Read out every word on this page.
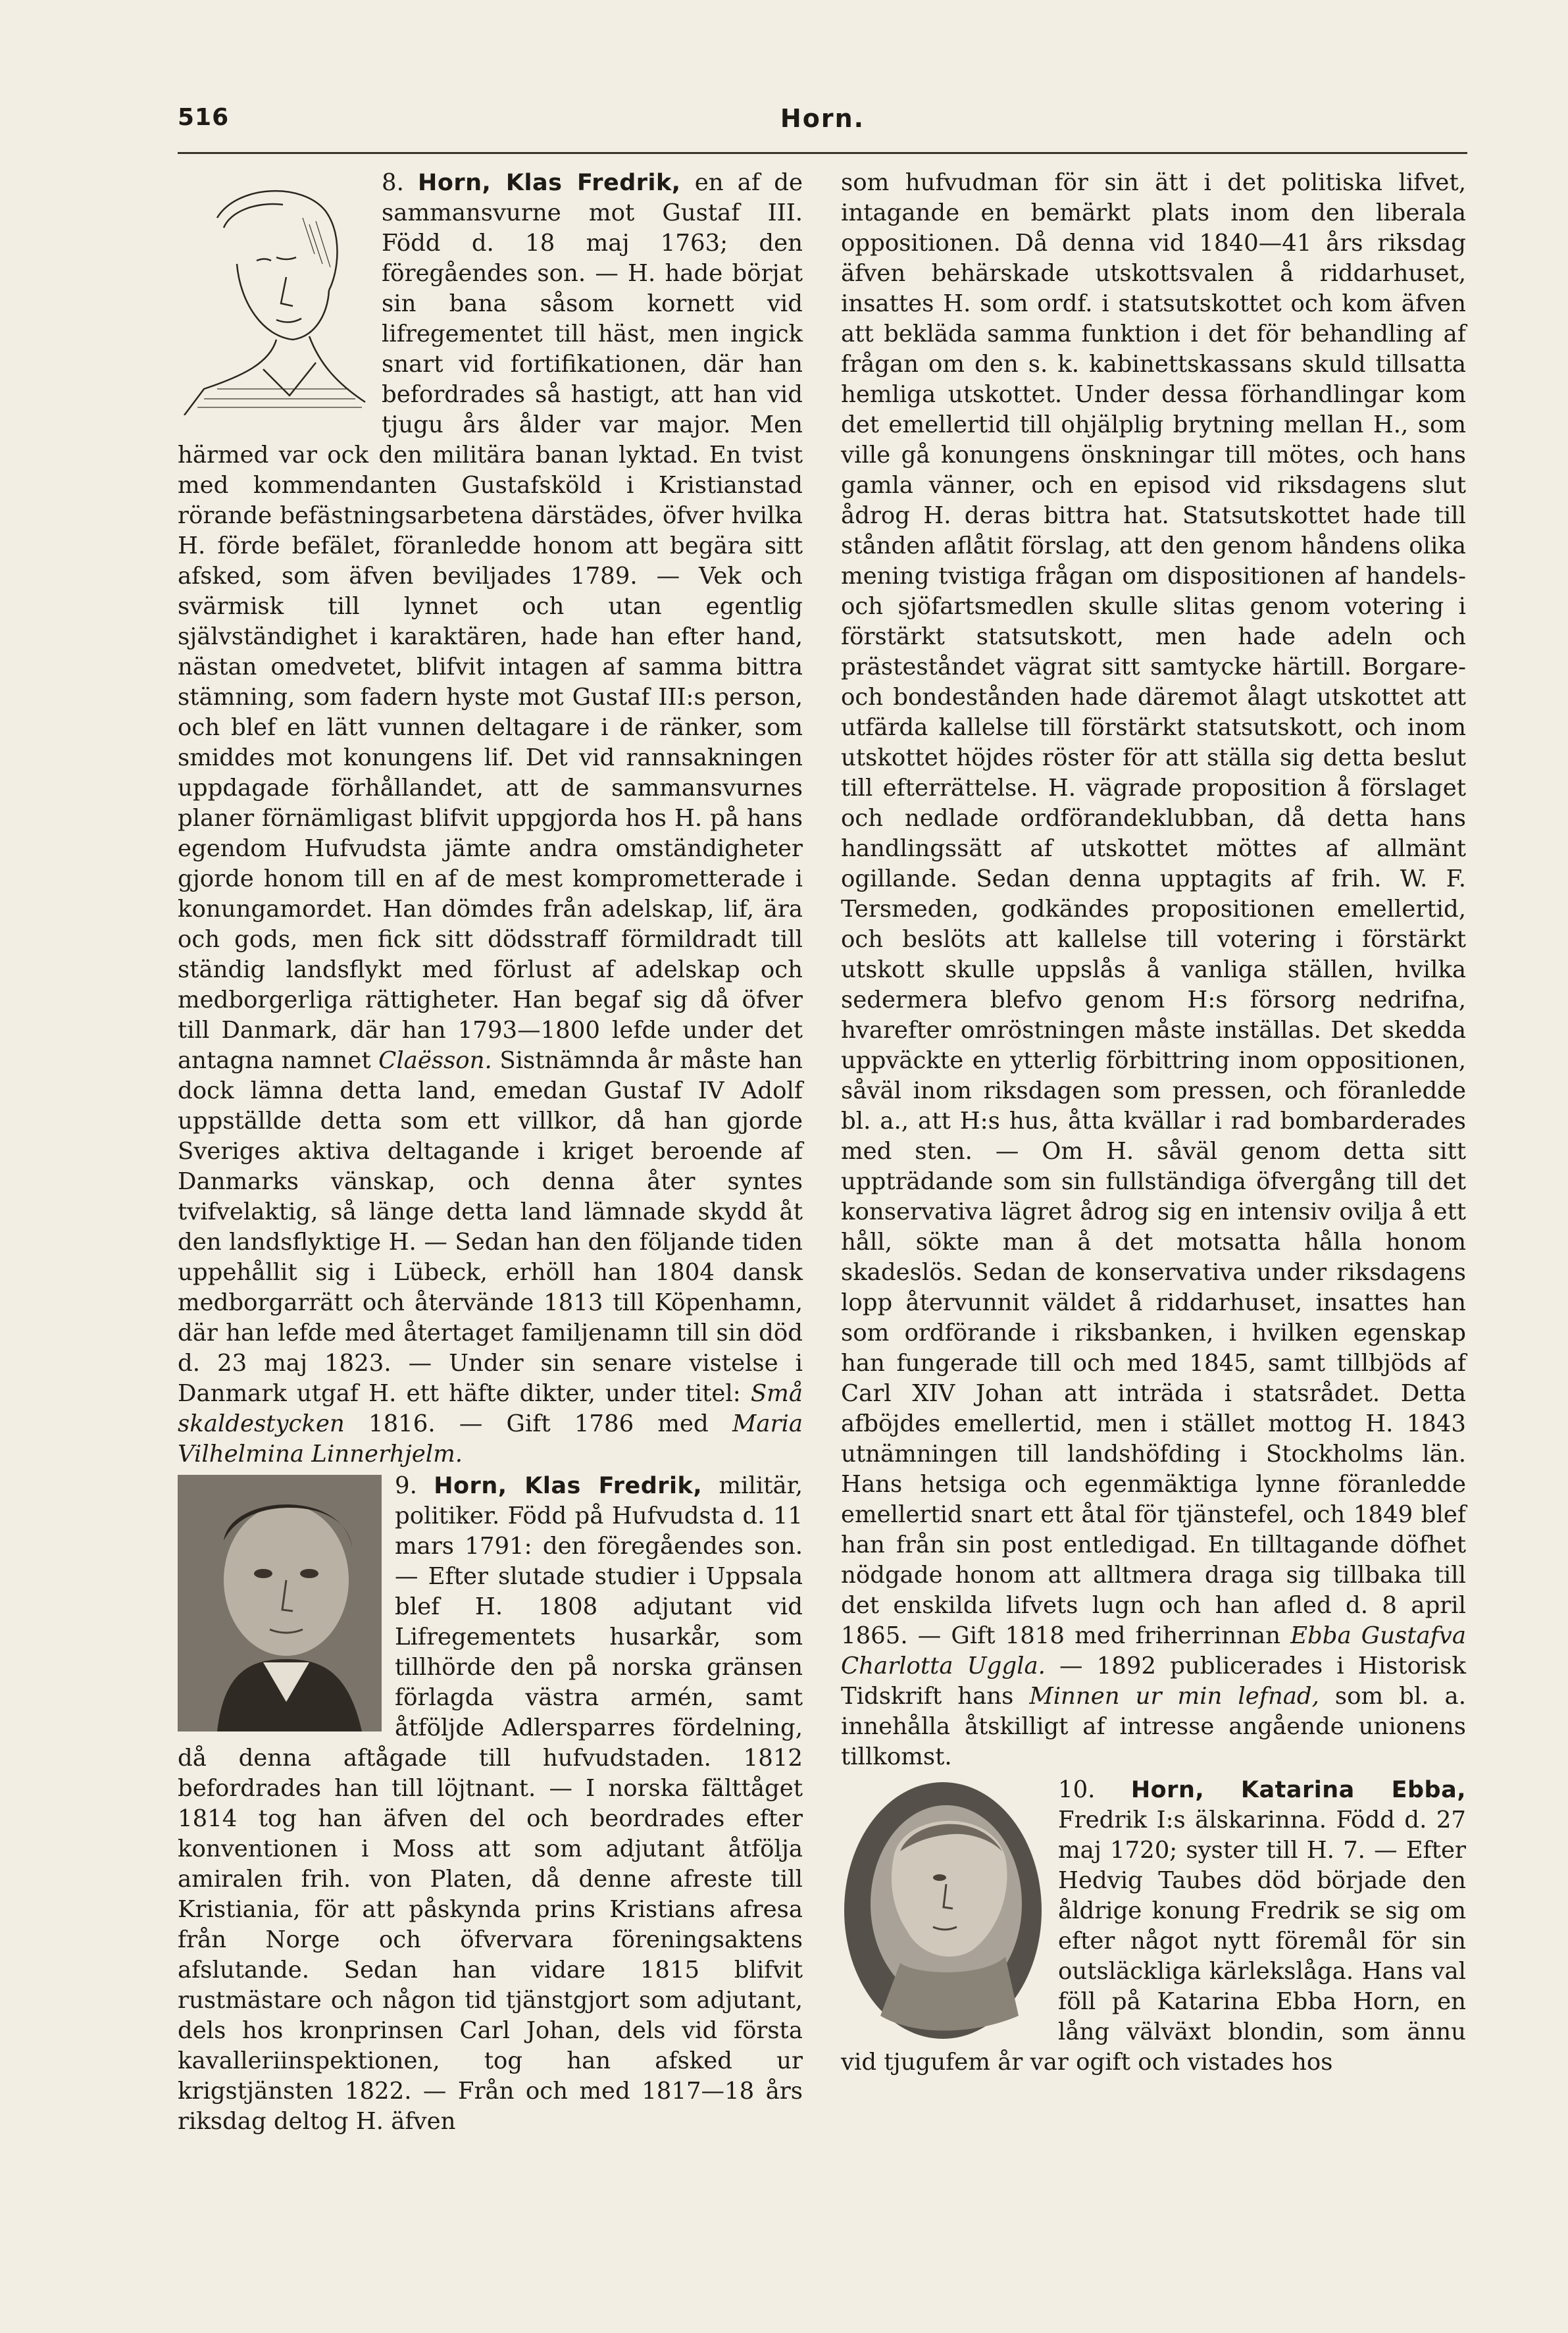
516	Horn.

8. Horn, Klas Fredrik, en af de sammansvurne mot Gustaf III. Född d. 18 maj 1763; den föregåendes son. — H. hade börjat sin bana såsom kornett vid lifregementet till häst, men ingick snart vid fortifikationen, där han befordrades så hastigt, att han vid tjugu års ålder var major. Men härmed var ock den militära banan lyktad. En tvist med kommendanten Gustafsköld i Kristianstad rörande befästningsarbetena därstädes, öfver hvilka H. förde befälet, föranledde honom att begära sitt afsked, som äfven beviljades 1789. — Vek och svärmisk till lynnet och utan egentlig självständighet i karaktären, hade han efter hand, nästan omedvetet, blifvit intagen af samma bittra stämning, som fadern hyste mot Gustaf III:s person, och blef en lätt vunnen deltagare i de ränker, som smiddes mot konungens lif. Det vid rannsakningen uppdagade förhållandet, att de sammansvurnes planer förnämligast blifvit uppgjorda hos H. på hans egendom Hufvudsta jämte andra omständigheter gjorde honom till en af de mest komprometterade i konungamordet. Han dömdes från adelskap, lif, ära och gods, men fick sitt dödsstraff förmildradt till ständig landsflykt med förlust af adelskap och medborgerliga rättigheter. Han begaf sig då öfver till Danmark, där han 1793—1800 lefde under det antagna namnet Claësson. Sistnämnda år måste han dock lämna detta land, emedan Gustaf IV Adolf uppställde detta som ett villkor, då han gjorde Sveriges aktiva deltagande i kriget beroende af Danmarks vänskap, och denna åter syntes tvifvelaktig, så länge detta land lämnade skydd åt den landsflyktige H. — Sedan han den följande tiden uppehållit sig i Lübeck, erhöll han 1804 dansk medborgarrätt och återvände 1813 till Köpenhamn, där han lefde med återtaget familjenamn till sin död d. 23 maj 1823. — Under sin senare vistelse i Danmark utgaf H. ett häfte dikter, under titel: Små skaldestycken 1816. — Gift 1786 med Maria Vilhelmina Linnerhjelm.

9. Horn, Klas Fredrik, militär, politiker. Född på Hufvudsta d. 11 mars 1791: den föregåendes son. — Efter slutade studier i Uppsala blef H. 1808 adjutant vid Lifregementets husarkår, som tillhörde den på norska gränsen förlagda västra armén, samt åtföljde Adlersparres fördelning, då denna aftågade till hufvudstaden. 1812 befordrades han till löjtnant. — I norska fälttåget 1814 tog han äfven del och beordrades efter konventionen i Moss att som adjutant åtfölja amiralen frih. von Platen, då denne afreste till Kristiania, för att påskynda prins Kristians afresa från Norge och öfvervara föreningsaktens afslutande. Sedan han vidare 1815 blifvit rustmästare och någon tid tjänstgjort som adjutant, dels hos kronprinsen Carl Johan, dels vid första kavalleriinspektionen, tog han afsked ur krigstjänsten 1822. — Från och med 1817—18 års riksdag deltog H. äfven

som hufvudman för sin ätt i det politiska lifvet, intagande en bemärkt plats inom den liberala oppositionen. Då denna vid 1840—41 års riksdag äfven behärskade utskottsvalen å riddarhuset, insattes H. som ordf. i statsutskottet och kom äfven att bekläda samma funktion i det för behandling af frågan om den s. k. kabinettskassans skuld tillsatta hemliga utskottet. Under dessa förhandlingar kom det emellertid till ohjälplig brytning mellan H., som ville gå konungens önskningar till mötes, och hans gamla vänner, och en episod vid riksdagens slut ådrog H. deras bittra hat. Statsutskottet hade till stånden aflåtit förslag, att den genom håndens olika mening tvistiga frågan om dispositionen af handels- och sjöfartsmedlen skulle slitas genom votering i förstärkt statsutskott, men hade adeln och prästeståndet vägrat sitt samtycke härtill. Borgare- och bondestånden hade däremot ålagt utskottet att utfärda kallelse till förstärkt statsutskott, och inom utskottet höjdes röster för att ställa sig detta beslut till efterrättelse. H. vägrade proposition å förslaget och nedlade ordförandeklubban, då detta hans handlingssätt af utskottet möttes af allmänt ogillande. Sedan denna upptagits af frih. W. F. Tersmeden, godkändes propositionen emellertid, och beslöts att kallelse till votering i förstärkt utskott skulle uppslås å vanliga ställen, hvilka sedermera blefvo genom H:s försorg nedrifna, hvarefter omröstningen måste inställas. Det skedda uppväckte en ytterlig förbittring inom oppositionen, såväl inom riksdagen som pressen, och föranledde bl. a., att H:s hus, åtta kvällar i rad bombarderades med sten. — Om H. såväl genom detta sitt uppträdande som sin fullständiga öfvergång till det konservativa lägret ådrog sig en intensiv ovilja å ett håll, sökte man å det motsatta hålla honom skadeslös. Sedan de konservativa under riksdagens lopp återvunnit väldet å riddarhuset, insattes han som ordförande i riksbanken, i hvilken egenskap han fungerade till och med 1845, samt tillbjöds af Carl XIV Johan att inträda i statsrådet. Detta afböjdes emellertid, men i stället mottog H. 1843 utnämningen till landshöfding i Stockholms län. Hans hetsiga och egenmäktiga lynne föranledde emellertid snart ett åtal för tjänstefel, och 1849 blef han från sin post entledigad. En tilltagande döfhet nödgade honom att alltmera draga sig tillbaka till det enskilda lifvets lugn och han afled d. 8 april 1865. — Gift 1818 med friherrinnan Ebba Gustafva Charlotta Uggla. — 1892 publicerades i Historisk Tidskrift hans Minnen ur min lefnad, som bl. a. innehålla åtskilligt af intresse angående unionens tillkomst.

10. Horn, Katarina Ebba, Fredrik I:s älskarinna. Född d. 27 maj 1720; syster till H. 7. — Efter Hedvig Taubes död började den åldrige konung Fredrik se sig om efter något nytt föremål för sin outsläckliga kärlekslåga. Hans val föll på Katarina Ebba Horn, en lång välväxt blondin, som ännu vid tjugufem år var ogift och vistades hos
